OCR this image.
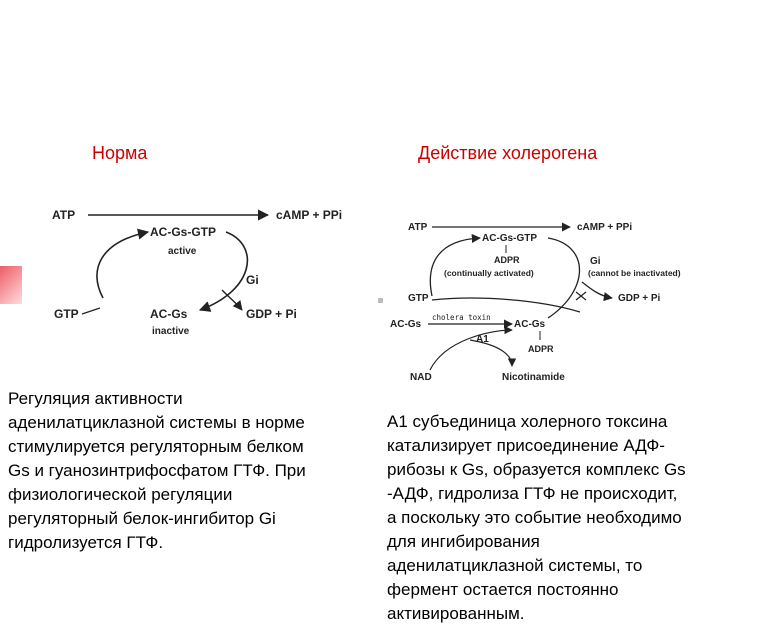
Норма	Действие холерогена
ATP	cAMP + PPi
AC-Gs-GTP
active
Gi
GTP	AC-Gs
inactive
GDP + Pi
ATP	cAMP + PPi
AC-Gs-GTP
ADPR
(continually activated)
Gi
(cannot be inactivated)
GTP	GDP + Pi
AC-Gs
cholera toxin
AC-Gs
ADPR
A1
NAD	Nicotinamide
Регуляция активности
аденилатциклазной системы в норме
стимулируется регуляторным белком
Gs и гуанозинтрифосфатом ГТФ. При
физиологической регуляции
регуляторный белок-ингибитор Gi
гидролизуется ГТФ.
А1 субъединица холерного токсина
катализирует присоединение АДФ-
рибозы к Gs, образуется комплекс Gs
-АДФ, гидролиза ГТФ не происходит,
а поскольку это событие необходимо
для ингибирования
аденилатциклазной системы, то
фермент остается постоянно
активированным.
